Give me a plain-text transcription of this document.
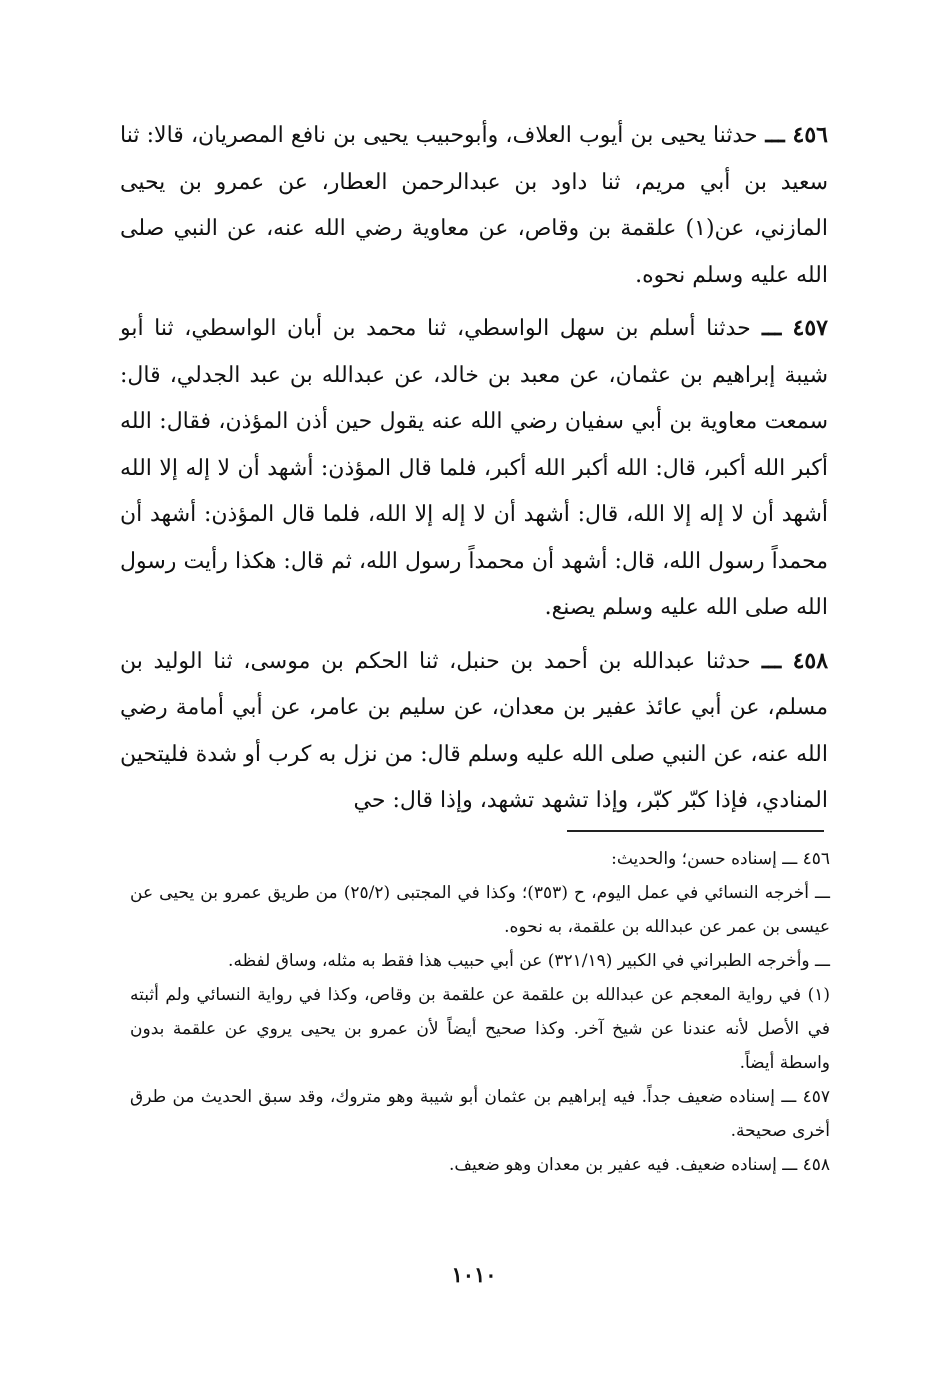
٤٥٦ ـــ حدثنا يحيى بن أيوب العلاف، وأبوحبيب يحيى بن نافع المصريان، قالا: ثنا سعيد بن أبي مريم، ثنا داود بن عبدالرحمن العطار، عن عمرو بن يحيى المازني، عن(١) علقمة بن وقاص، عن معاوية رضي الله عنه، عن النبي صلى الله عليه وسلم نحوه.

٤٥٧ ـــ حدثنا أسلم بن سهل الواسطي، ثنا محمد بن أبان الواسطي، ثنا أبو شيبة إبراهيم بن عثمان، عن معبد بن خالد، عن عبدالله بن عبد الجدلي، قال: سمعت معاوية بن أبي سفيان رضي الله عنه يقول حين أذن المؤذن، فقال: الله أكبر الله أكبر، قال: الله أكبر الله أكبر، فلما قال المؤذن: أشهد أن لا إله إلا الله أشهد أن لا إله إلا الله، قال: أشهد أن لا إله إلا الله، فلما قال المؤذن: أشهد أن محمداً رسول الله، قال: أشهد أن محمداً رسول الله، ثم قال: هكذا رأيت رسول الله صلى الله عليه وسلم يصنع.

٤٥٨ ـــ حدثنا عبدالله بن أحمد بن حنبل، ثنا الحكم بن موسى، ثنا الوليد بن مسلم، عن أبي عائذ عفير بن معدان، عن سليم بن عامر، عن أبي أمامة رضي الله عنه، عن النبي صلى الله عليه وسلم قال: من نزل به كرب أو شدة فليتحين المنادي، فإذا كبّر كبّر، وإذا تشهد تشهد، وإذا قال: حي

٤٥٦ ـــ إسناده حسن؛ والحديث:

ـــ أخرجه النسائي في عمل اليوم، ح (٣٥٣)؛ وكذا في المجتبى (٢٥/٢) من طريق عمرو بن يحيى عن عيسى بن عمر عن عبدالله بن علقمة، به نحوه.

ـــ وأخرجه الطبراني في الكبير (٣٢١/١٩) عن أبي حبيب هذا فقط به مثله، وساق لفظه.

(١) في رواية المعجم عن عبدالله بن علقمة عن علقمة بن وقاص، وكذا في رواية النسائي ولم أثبته في الأصل لأنه عندنا عن شيخ آخر. وكذا صحيح أيضاً لأن عمرو بن يحيى يروي عن علقمة بدون واسطة أيضاً.

٤٥٧ ـــ إسناده ضعيف جداً. فيه إبراهيم بن عثمان أبو شيبة وهو متروك، وقد سبق الحديث من طرق أخرى صحيحة.

٤٥٨ ـــ إسناده ضعيف. فيه عفير بن معدان وهو ضعيف.

١٠١٠
